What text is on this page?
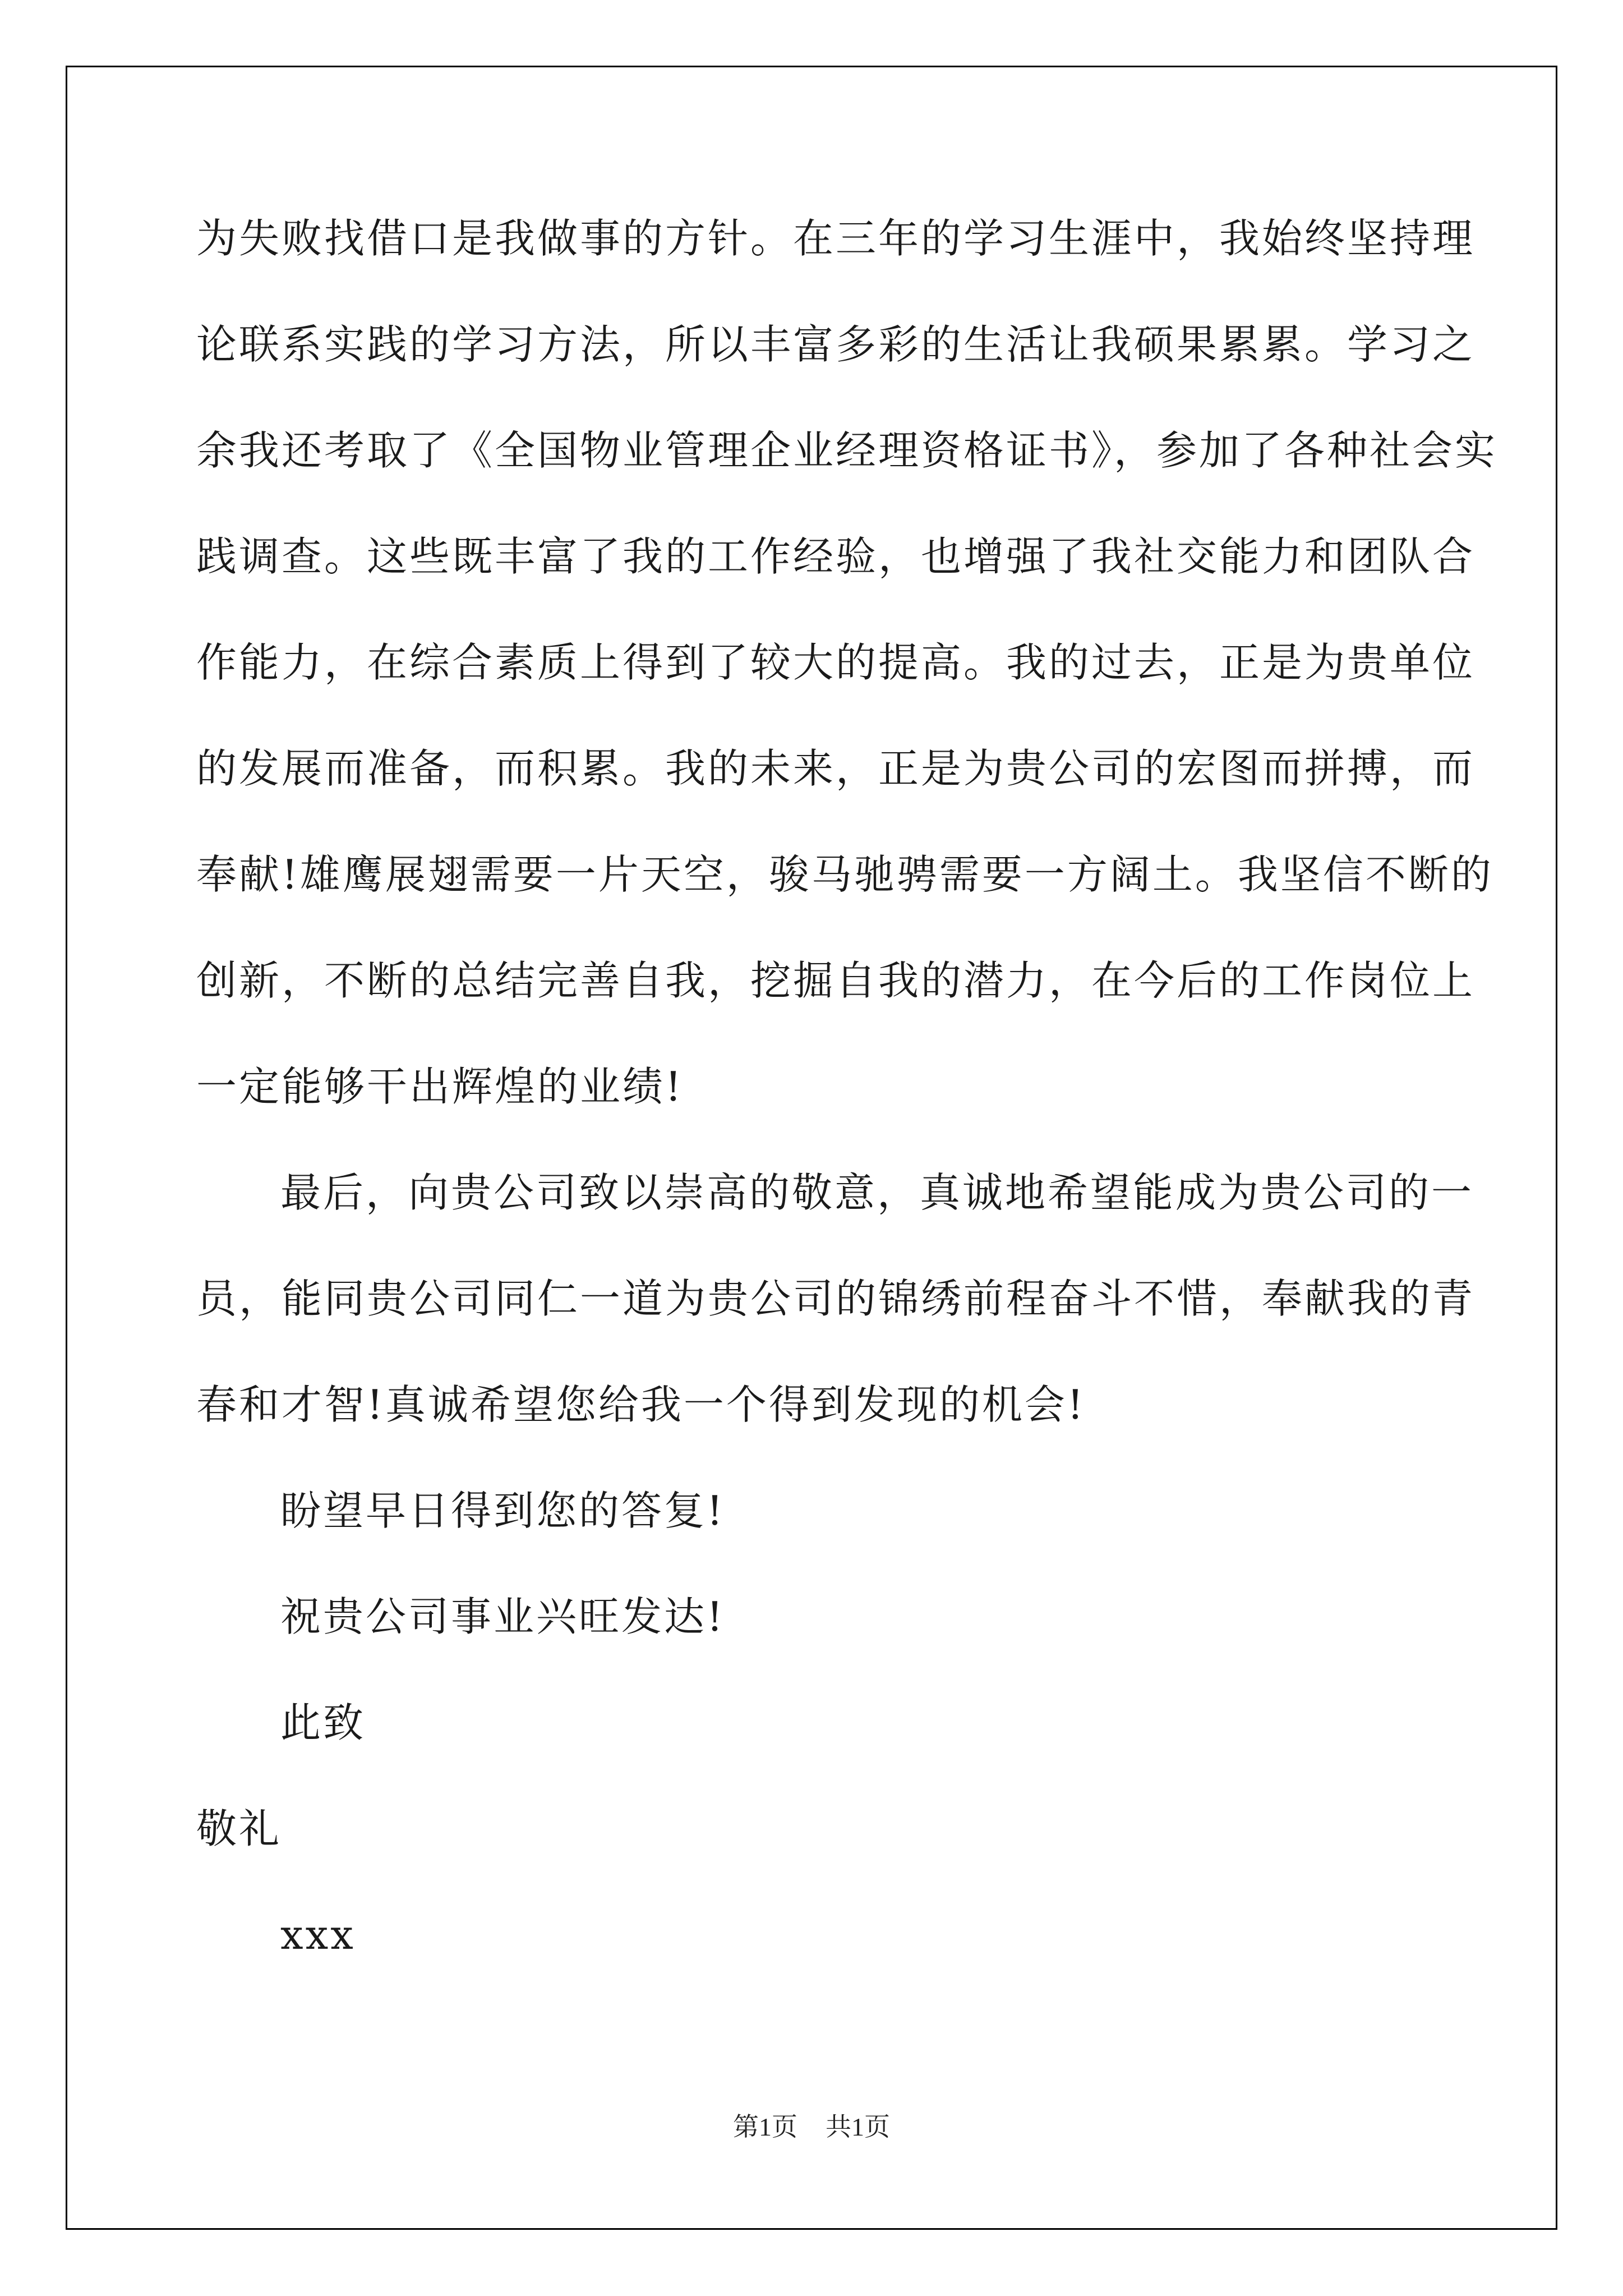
为失败找借口是我做事的方针。在三年的学习生涯中，我始终坚持理
论联系实践的学习方法，所以丰富多彩的生活让我硕果累累。学习之
余我还考取了《全国物业管理企业经理资格证书》，参加了各种社会实
践调查。这些既丰富了我的工作经验，也增强了我社交能力和团队合
作能力，在综合素质上得到了较大的提高。我的过去，正是为贵单位
的发展而准备，而积累。我的未来，正是为贵公司的宏图而拼搏，而
奉献!雄鹰展翅需要一片天空，骏马驰骋需要一方阔土。我坚信不断的
创新，不断的总结完善自我，挖掘自我的潜力，在今后的工作岗位上
一定能够干出辉煌的业绩!
最后，向贵公司致以崇高的敬意，真诚地希望能成为贵公司的一
员，能同贵公司同仁一道为贵公司的锦绣前程奋斗不惜，奉献我的青
春和才智!真诚希望您给我一个得到发现的机会!
盼望早日得到您的答复!
祝贵公司事业兴旺发达!
此致
敬礼
xxx
第1页 共1页
